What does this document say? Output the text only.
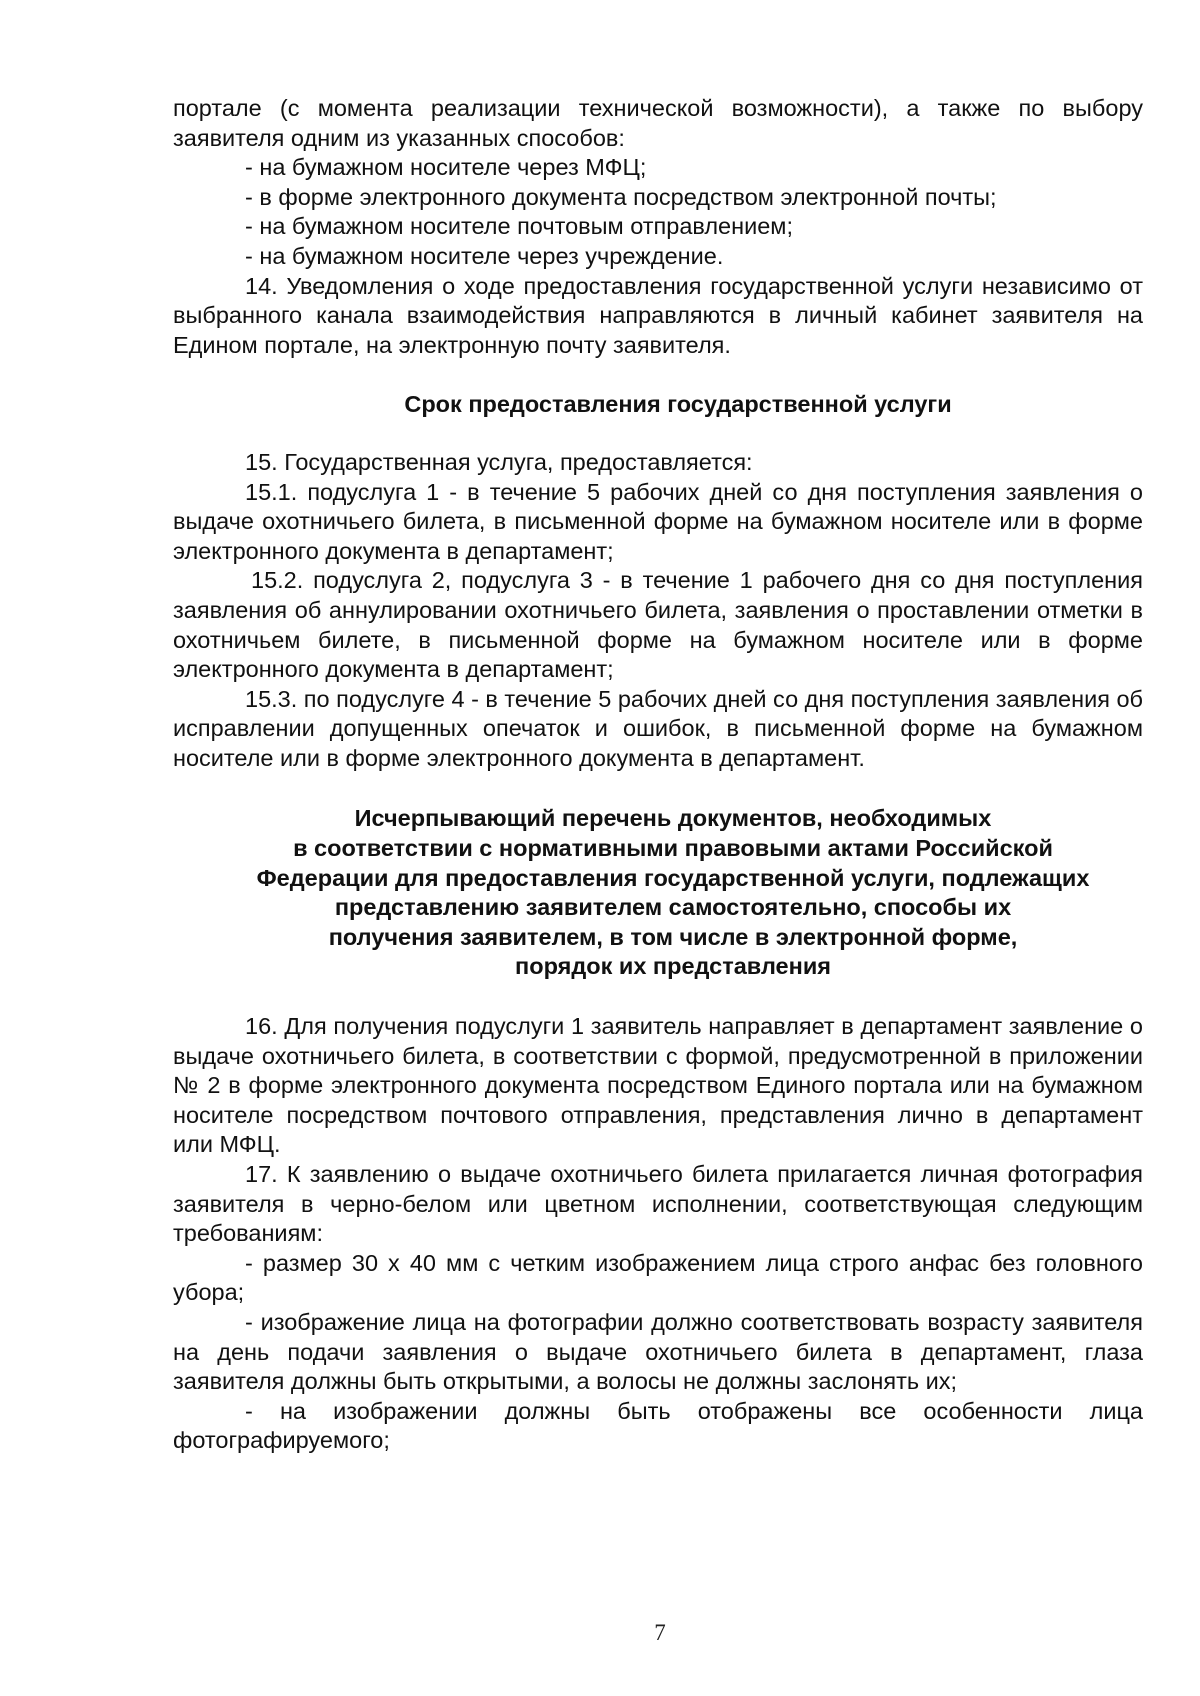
портале (с момента реализации технической возможности), а также по выбору заявителя одним из указанных способов:

- на бумажном носителе через МФЦ;

- в форме электронного документа посредством электронной почты;

- на бумажном носителе почтовым отправлением;

- на бумажном носителе через учреждение.

14. Уведомления о ходе предоставления государственной услуги независимо от выбранного канала взаимодействия направляются в личный кабинет заявителя на Едином портале, на электронную почту заявителя.

Срок предоставления государственной услуги

15. Государственная услуга, предоставляется:

15.1. подуслуга 1 - в течение 5 рабочих дней со дня поступления заявления о выдаче охотничьего билета, в письменной форме на бумажном носителе или в форме электронного документа в департамент;

15.2. подуслуга 2, подуслуга 3 - в течение 1 рабочего дня со дня поступления заявления об аннулировании охотничьего билета, заявления о проставлении отметки в охотничьем билете, в письменной форме на бумажном носителе или в форме электронного документа в департамент;

15.3. по подуслуге 4 - в течение 5 рабочих дней со дня поступления заявления об исправлении допущенных опечаток и ошибок, в письменной форме на бумажном носителе или в форме электронного документа в департамент.

Исчерпывающий перечень документов, необходимых
в соответствии с нормативными правовыми актами Российской
Федерации для предоставления государственной услуги, подлежащих
представлению заявителем самостоятельно, способы их
получения заявителем, в том числе в электронной форме,
порядок их представления

16. Для получения подуслуги 1 заявитель направляет в департамент заявление о выдаче охотничьего билета, в соответствии с формой, предусмотренной в приложении № 2 в форме электронного документа посредством Единого портала или на бумажном носителе посредством почтового отправления, представления лично в департамент или МФЦ.

17. К заявлению о выдаче охотничьего билета прилагается личная фотография заявителя в черно-белом или цветном исполнении, соответствующая следующим требованиям:

- размер 30 х 40 мм с четким изображением лица строго анфас без головного убора;

- изображение лица на фотографии должно соответствовать возрасту заявителя на день подачи заявления о выдаче охотничьего билета в департамент, глаза заявителя должны быть открытыми, а волосы не должны заслонять их;

- на изображении должны быть отображены все особенности лица фотографируемого;

7
